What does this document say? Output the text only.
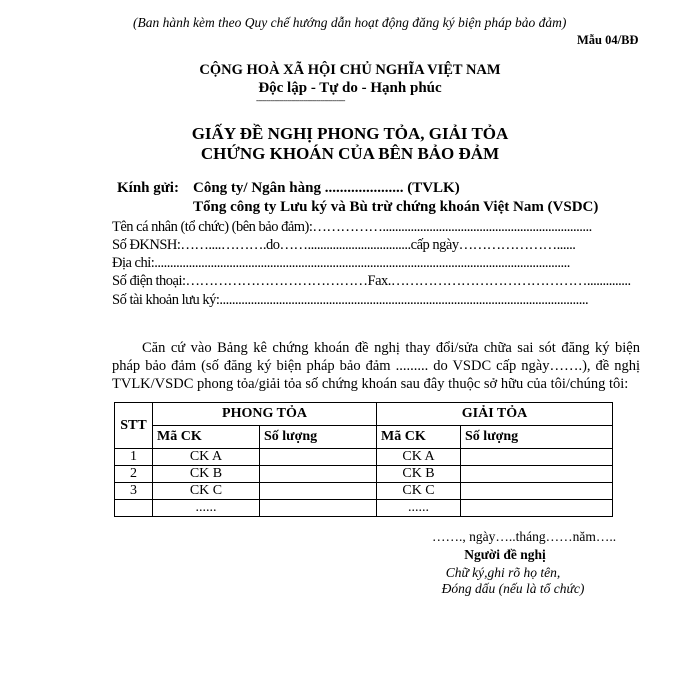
(Ban hành kèm theo Quy chế hướng dẫn hoạt động đăng ký biện pháp bảo đảm)
Mẫu 04/BĐ
CỘNG HOÀ XÃ HỘI CHỦ NGHĨA VIỆT NAM
Độc lập - Tự do - Hạnh phúc
-------------------------------------------
GIẤY ĐỀ NGHỊ PHONG TỎA, GIẢI TỎA
CHỨNG KHOÁN CỦA BÊN BẢO ĐẢM
Kính gửi: Công ty/ Ngân hàng ..................... (TVLK)
Tổng công ty Lưu ký và Bù trừ chứng khoán Việt Nam (VSDC)
Tên cá nhân (tổ chức) (bên bảo đảm):……………...................................................................
Số ĐKNSH:……....……….do…….................................cấp ngày…………………......
Địa chỉ:.....................................................................................................................................
Số điện thoại:…………………………………Fax.……………………………………..............
Số tài khoản lưu ký:......................................................................................................................
Căn cứ vào Bảng kê chứng khoán đề nghị thay đổi/sửa chữa sai sót đăng ký biện pháp bảo đảm (số đăng ký biện pháp bảo đảm ......... do VSDC cấp ngày…….), đề nghị TVLK/VSDC phong tỏa/giải tỏa số chứng khoán sau đây thuộc sở hữu của tôi/chúng tôi:
STT	PHONG TỎA		GIẢI TỎA	
	Mã CK	Số lượng	Mã CK	Số lượng
1	CK A		CK A	
2	CK B		CK B	
3	CK C		CK C	
	......		......	
……., ngày…..tháng……năm…..
Người đề nghị
Chữ ký,ghi rõ họ tên,
Đóng dấu (nếu là tổ chức)
